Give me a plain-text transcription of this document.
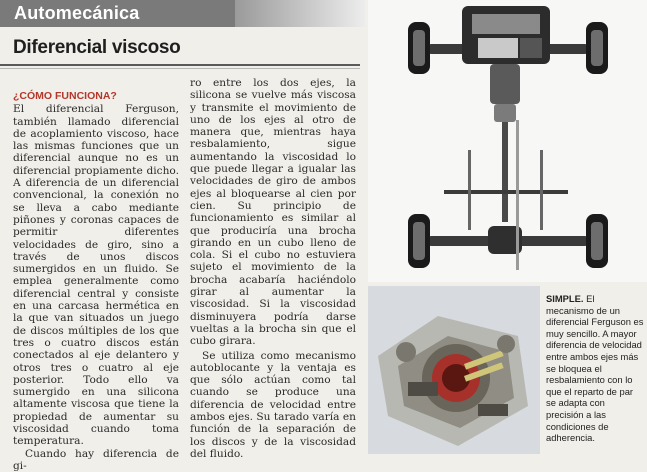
Automecánica
Diferencial viscoso
¿CÓMO FUNCIONA?

El diferencial Ferguson, también llamado diferencial de acoplamiento viscoso, hace las mismas funciones que un diferencial aunque no es un diferencial propiamente dicho. A diferencia de un diferencial convencional, la conexión no se lleva a cabo mediante piñones y coronas capaces de permitir diferentes velocidades de giro, sino a través de unos discos sumergidos en un fluido. Se emplea generalmente como diferencial central y consiste en una carcasa hermética en la que van situados un juego de discos múltiples de los que tres o cuatro discos están conectados al eje delantero y otros tres o cuatro al eje posterior. Todo ello va sumergido en una silicona altamente viscosa que tiene la propiedad de aumentar su viscosidad cuando toma temperatura.

Cuando hay diferencia de gi-

ro entre los dos ejes, la silicona se vuelve más viscosa y transmite el movimiento de uno de los ejes al otro de manera que, mientras haya resbalamiento, sigue aumentando la viscosidad lo que puede llegar a igualar las velocidades de giro de ambos ejes al bloquearse al cien por cien. Su principio de funcionamiento es similar al que produciría una brocha girando en un cubo lleno de cola. Si el cubo no estuviera sujeto el movimiento de la brocha acabaría haciéndolo girar al aumentar la viscosidad. Si la viscosidad disminuyera podría darse vueltas a la brocha sin que el cubo girara.

Se utiliza como mecanismo autoblocante y la ventaja es que sólo actúan como tal cuando se produce una diferencia de velocidad entre ambos ejes. Su tarado varía en función de la separación de los discos y de la viscosidad del fluido.

SIMPLE. El mecanismo de un diferencial Ferguson es muy sencillo. A mayor diferencia de velocidad entre ambos ejes más se bloquea el resbalamiento con lo que el reparto de par se adapta con precisión a las condiciones de adherencia.
